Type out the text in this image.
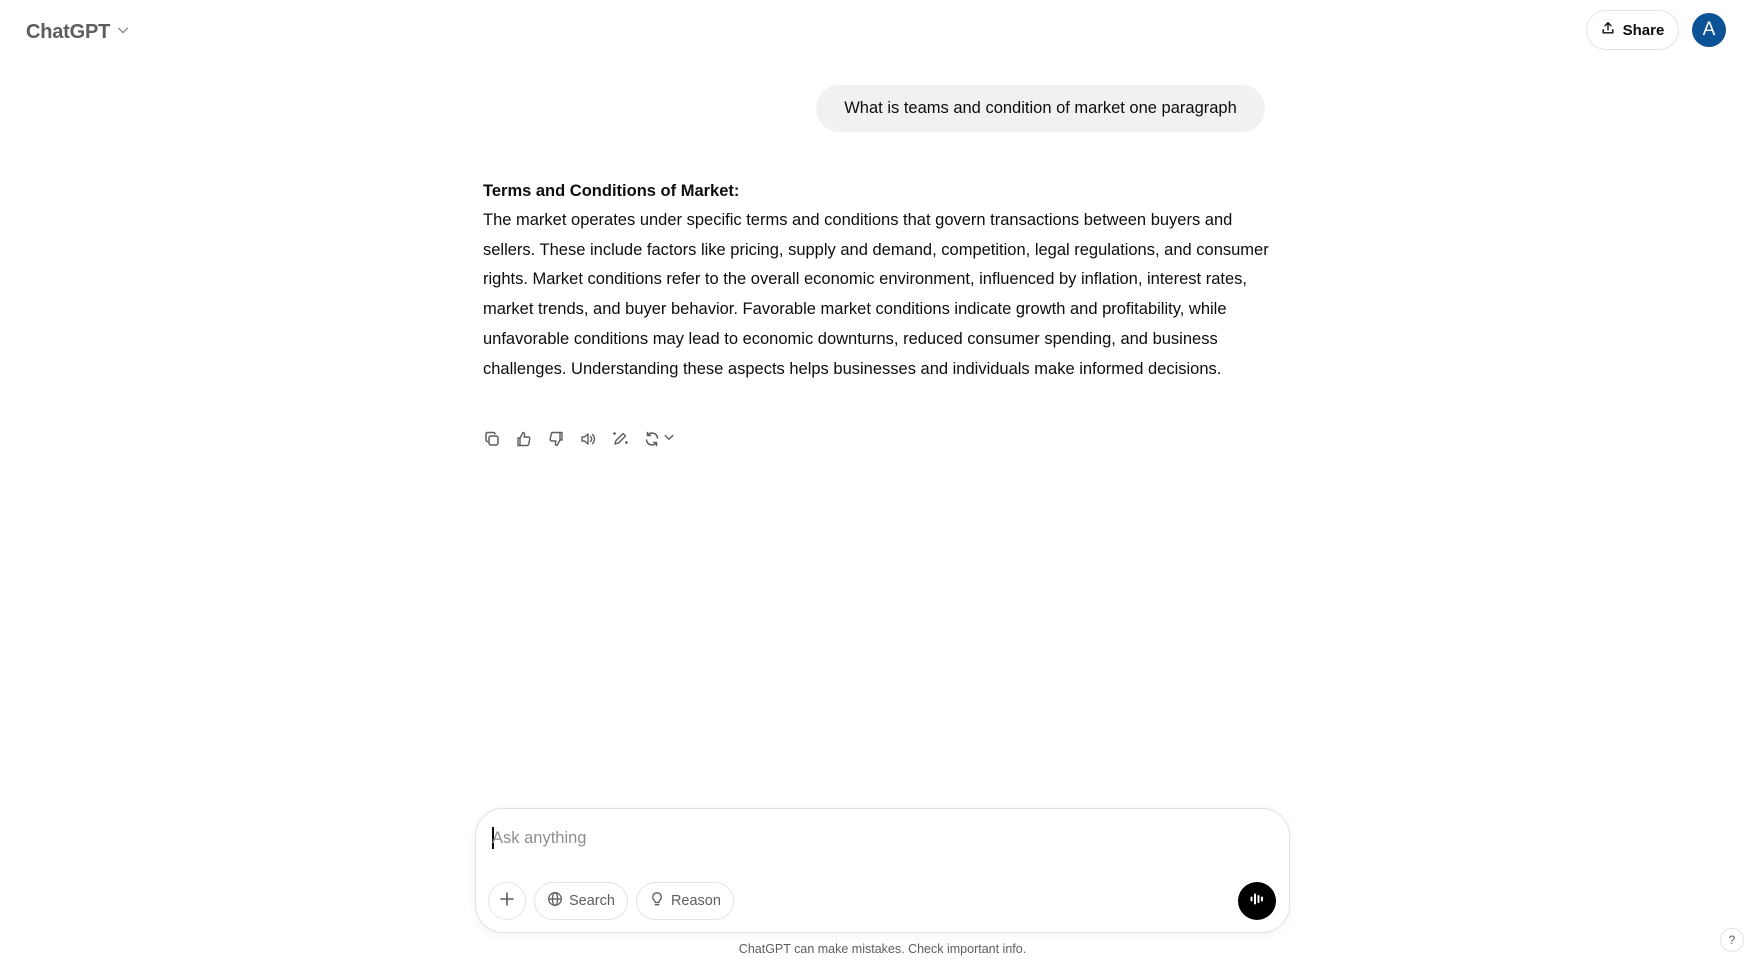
ChatGPT	Share	A
What is teams and condition of market one paragraph
Terms and Conditions of Market:
The market operates under specific terms and conditions that govern transactions between buyers and sellers. These include factors like pricing, supply and demand, competition, legal regulations, and consumer rights. Market conditions refer to the overall economic environment, influenced by inflation, interest rates, market trends, and buyer behavior. Favorable market conditions indicate growth and profitability, while unfavorable conditions may lead to economic downturns, reduced consumer spending, and business challenges. Understanding these aspects helps businesses and individuals make informed decisions.
Ask anything
Search	Reason
ChatGPT can make mistakes. Check important info.
?
